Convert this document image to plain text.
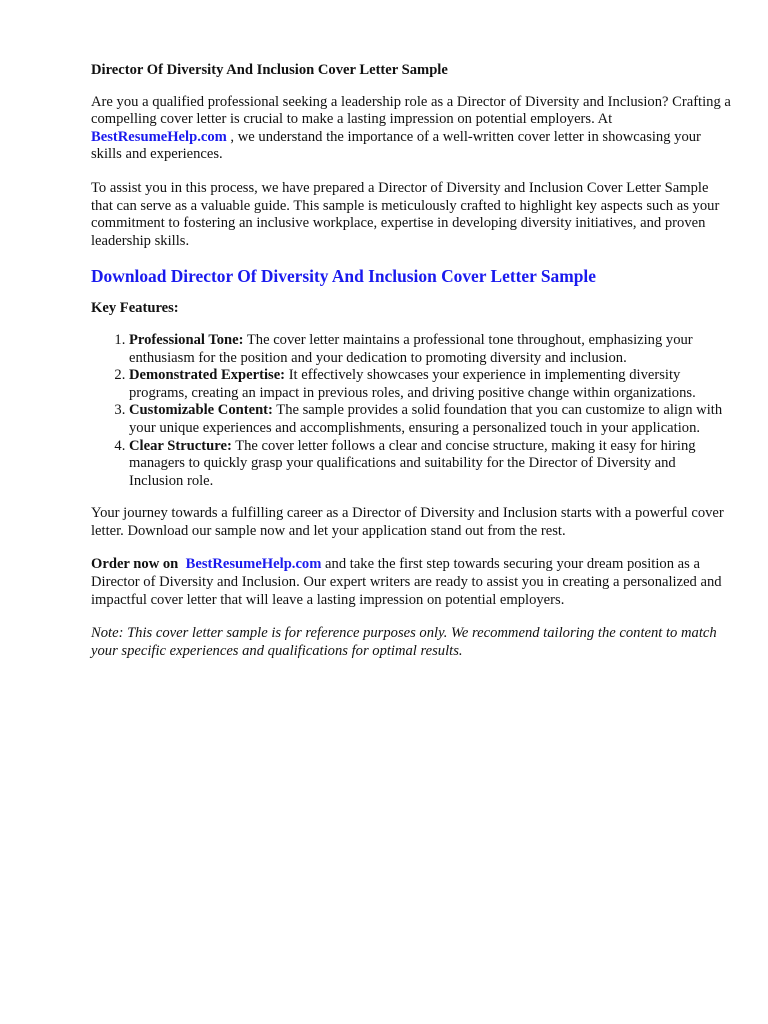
Director Of Diversity And Inclusion Cover Letter Sample

Are you a qualified professional seeking a leadership role as a Director of Diversity and Inclusion? Crafting a compelling cover letter is crucial to make a lasting impression on potential employers. At BestResumeHelp.com , we understand the importance of a well-written cover letter in showcasing your skills and experiences.

To assist you in this process, we have prepared a Director of Diversity and Inclusion Cover Letter Sample that can serve as a valuable guide. This sample is meticulously crafted to highlight key aspects such as your commitment to fostering an inclusive workplace, expertise in developing diversity initiatives, and proven leadership skills.

Download Director Of Diversity And Inclusion Cover Letter Sample
Key Features:
1. Professional Tone: The cover letter maintains a professional tone throughout, emphasizing your enthusiasm for the position and your dedication to promoting diversity and inclusion.
2. Demonstrated Expertise: It effectively showcases your experience in implementing diversity programs, creating an impact in previous roles, and driving positive change within organizations.
3. Customizable Content: The sample provides a solid foundation that you can customize to align with your unique experiences and accomplishments, ensuring a personalized touch in your application.
4. Clear Structure: The cover letter follows a clear and concise structure, making it easy for hiring managers to quickly grasp your qualifications and suitability for the Director of Diversity and Inclusion role.

Your journey towards a fulfilling career as a Director of Diversity and Inclusion starts with a powerful cover letter. Download our sample now and let your application stand out from the rest.

Order now on BestResumeHelp.com and take the first step towards securing your dream position as a Director of Diversity and Inclusion. Our expert writers are ready to assist you in creating a personalized and impactful cover letter that will leave a lasting impression on potential employers.

Note: This cover letter sample is for reference purposes only. We recommend tailoring the content to match your specific experiences and qualifications for optimal results.
